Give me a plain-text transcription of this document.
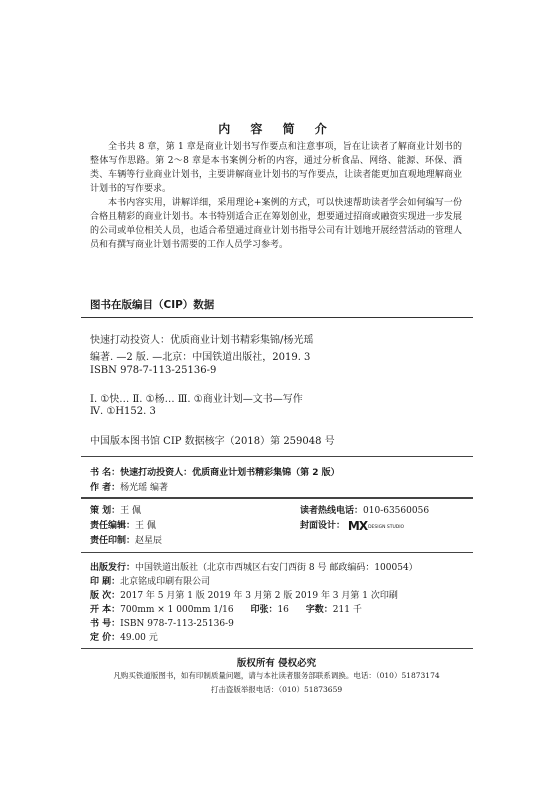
内 容 简 介

全书共 8 章，第 1 章是商业计划书写作要点和注意事项，旨在让读者了解商业计划书的整体写作思路。第 2～8 章是本书案例分析的内容，通过分析食品、网络、能源、环保、酒类、车辆等行业商业计划书，主要讲解商业计划书的写作要点，让读者能更加直观地理解商业计划书的写作要求。

本书内容实用，讲解详细，采用理论+案例的方式，可以快速帮助读者学会如何编写一份合格且精彩的商业计划书。本书特别适合正在筹划创业，想要通过招商或融资实现进一步发展的公司或单位相关人员，也适合希望通过商业计划书指导公司有计划地开展经营活动的管理人员和有撰写商业计划书需要的工作人员学习参考。

图书在版编目（CIP）数据
快速打动投资人：优质商业计划书精彩集锦/杨光瑶
编著. —2 版. —北京：中国铁道出版社，2019. 3
ISBN 978-7-113-25136-9
Ⅰ. ①快… Ⅱ. ①杨… Ⅲ. ①商业计划—文书—写作
Ⅳ. ①H152. 3
中国版本图书馆 CIP 数据核字（2018）第 259048 号
书 名：快速打动投资人：优质商业计划书精彩集锦（第 2 版）
作 者：杨光瑶 编著
策 划：王 佩
责任编辑：王 佩
责任印制：赵星辰
读者热线电话：010-63560056
封面设计： MXDESIGN STUDIO
出版发行：中国铁道出版社（北京市西城区右安门西街 8 号 邮政编码：100054）
印 刷：北京铭成印刷有限公司
版 次：2017 年 5 月第 1 版 2019 年 3 月第 2 版 2019 年 3 月第 1 次印刷
开 本：700mm × 1 000mm 1/16 印张：16 字数：211 千
书 号：ISBN 978-7-113-25136-9
定 价：49.00 元
版权所有 侵权必究
凡购买铁道版图书，如有印制质量问题，请与本社读者服务部联系调换。电话：（010）51873174
打击盗版举报电话：（010）51873659
